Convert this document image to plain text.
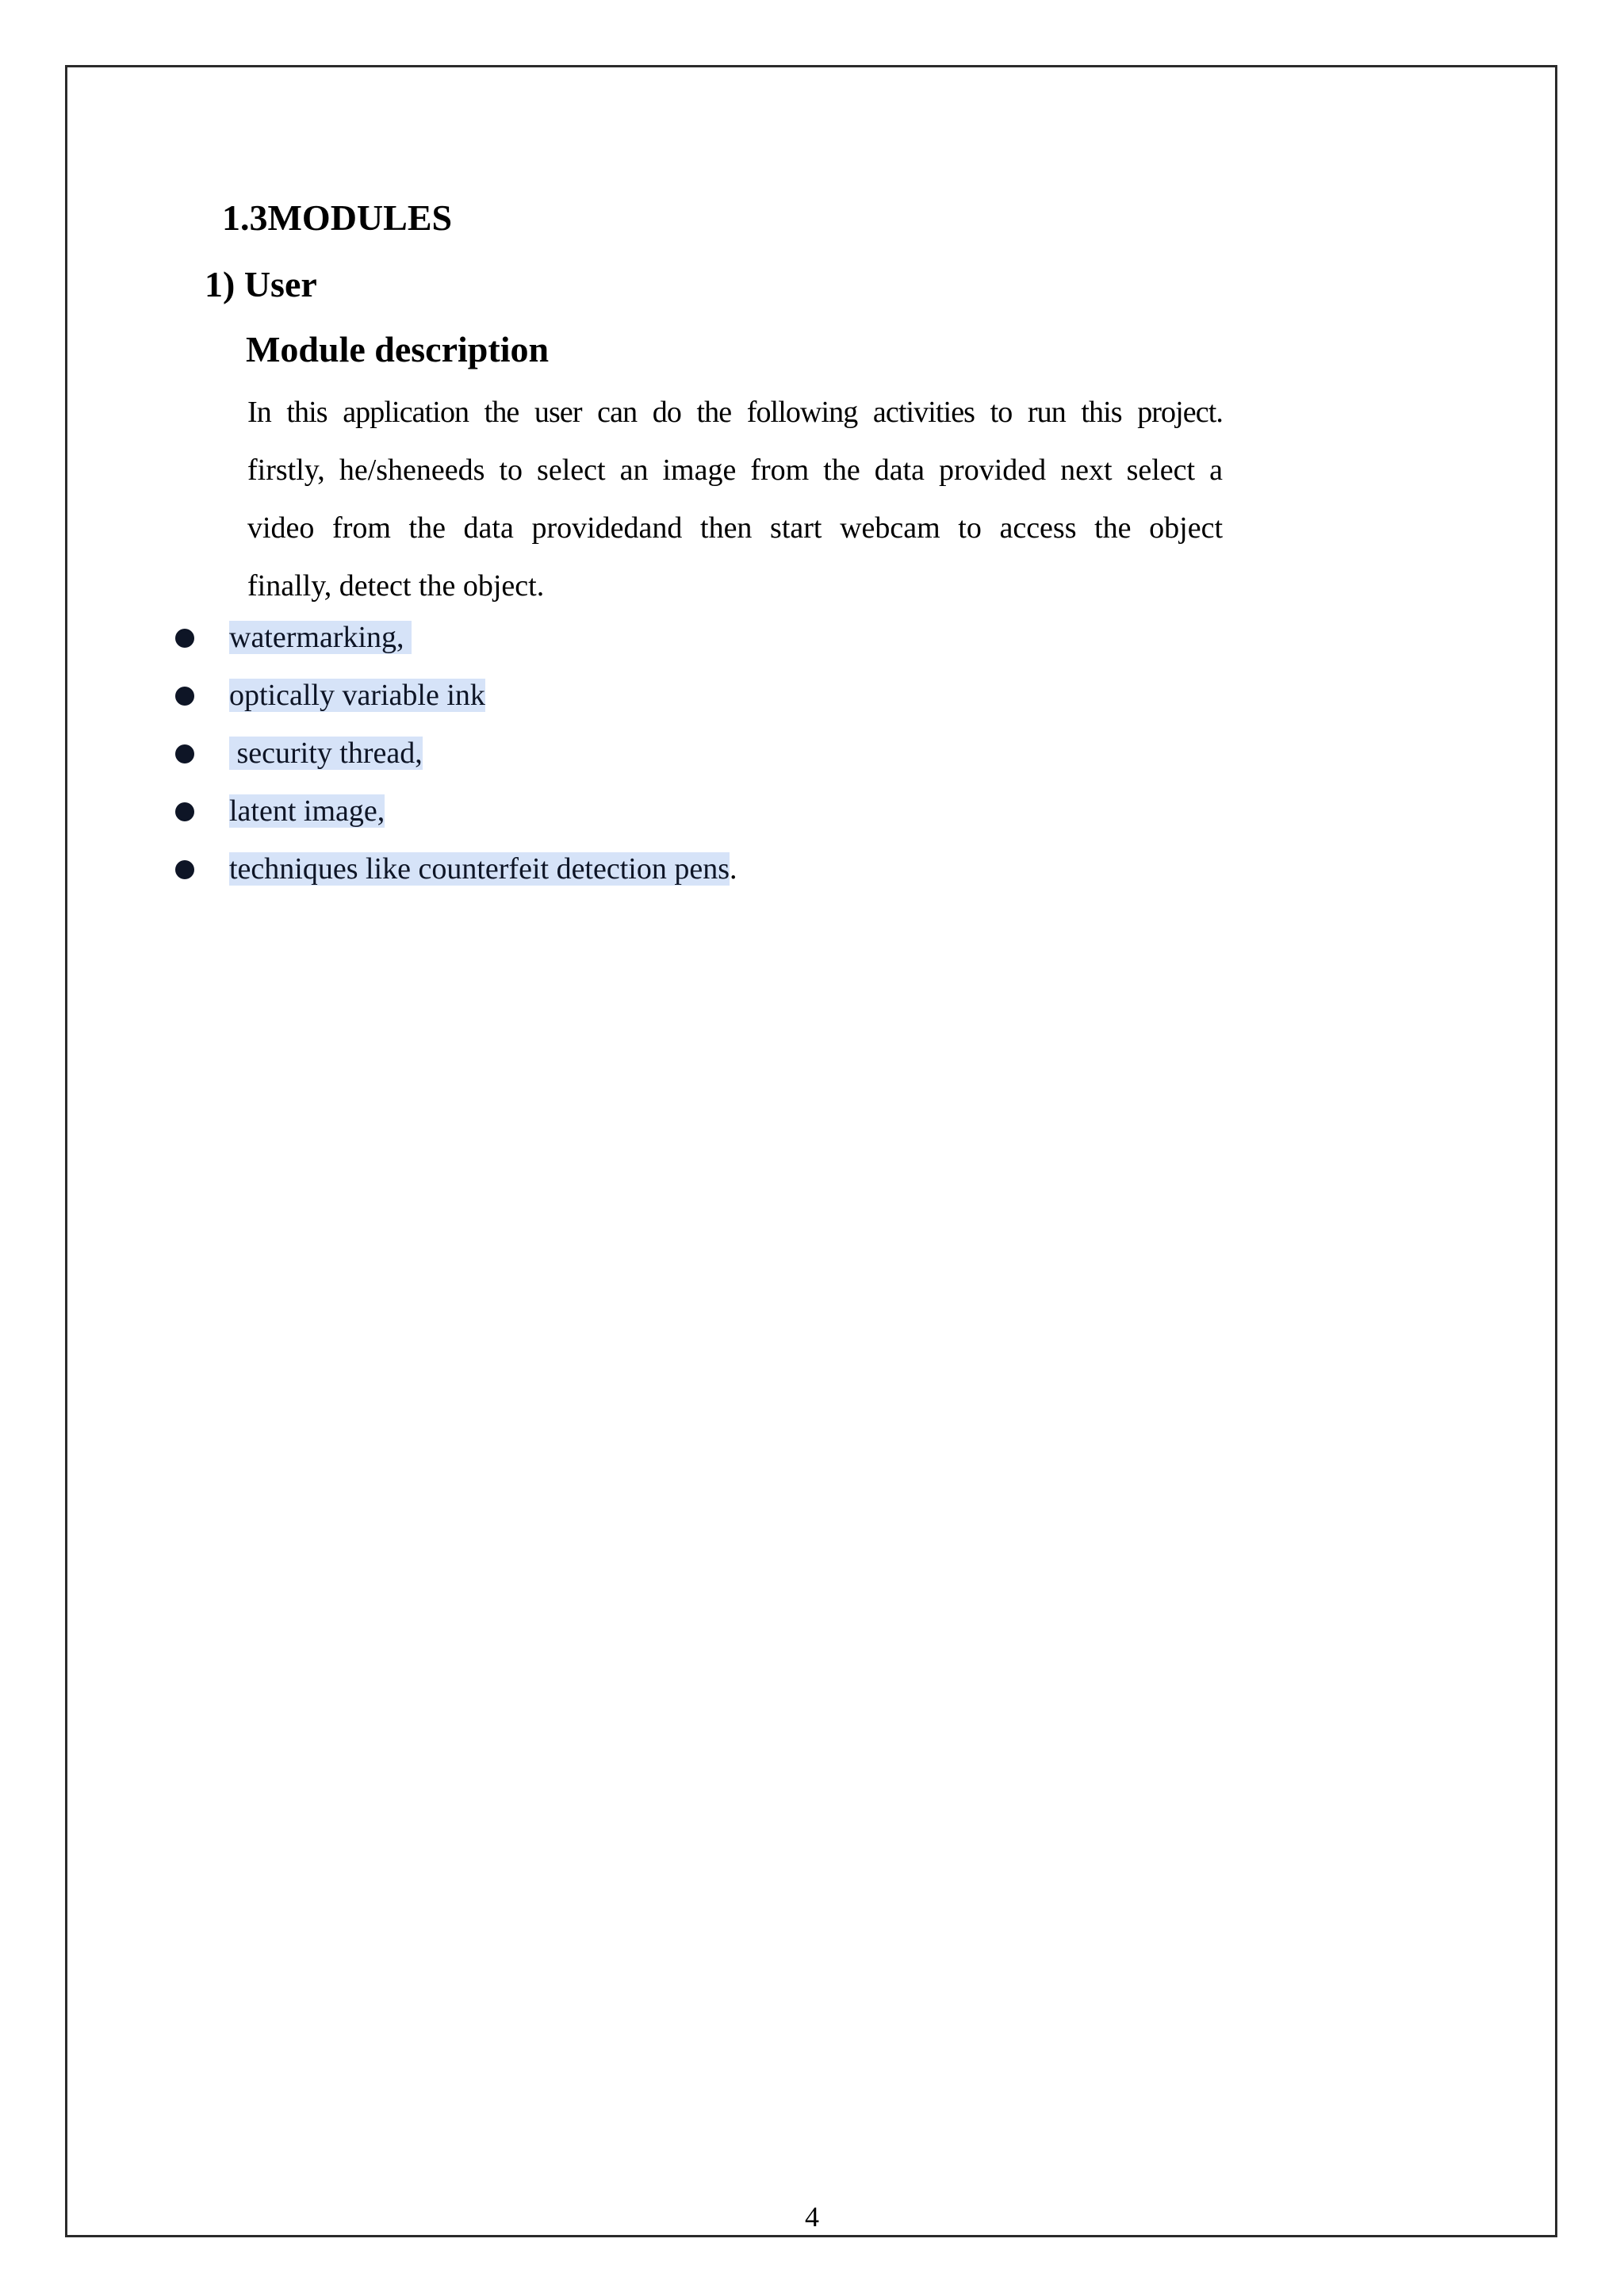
1.3MODULES
1) User
Module description
In this application the user can do the following activities to run this project.
firstly, he/sheneeds to select an image from the data provided next select a
video from the data providedand then start webcam to access the object
finally, detect the object.
watermarking,
optically variable ink
security thread,
latent image,
techniques like counterfeit detection pens.
4
